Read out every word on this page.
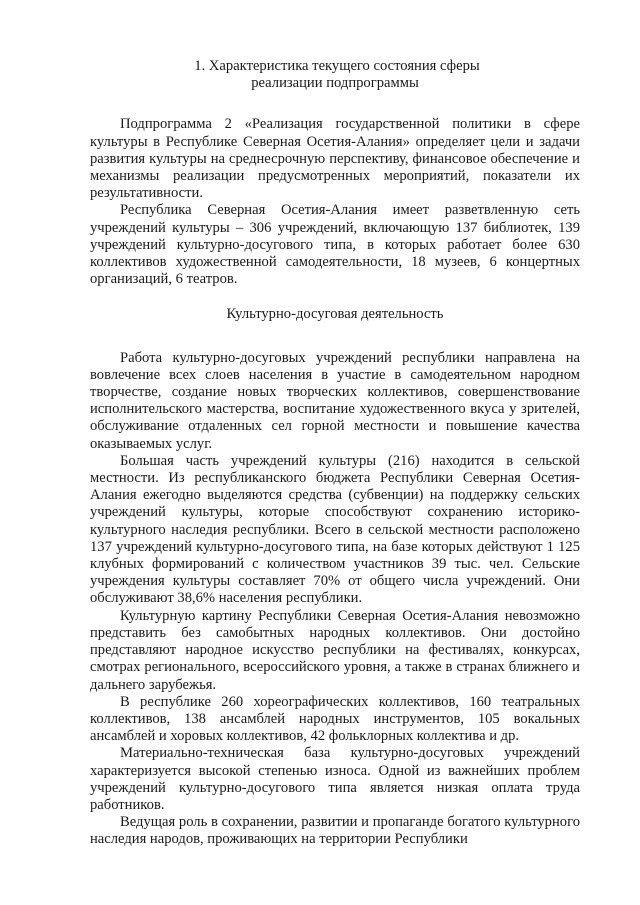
1. Характеристика текущего состояния сферы
реализации подпрограммы

Подпрограмма 2 «Реализация государственной политики в сфере культуры в Республике Северная Осетия-Алания» определяет цели и задачи развития культуры на среднесрочную перспективу, финансовое обеспечение и механизмы реализации предусмотренных мероприятий, показатели их результативности.

Республика Северная Осетия-Алания имеет разветвленную сеть учреждений культуры – 306 учреждений, включающую 137 библиотек, 139 учреждений культурно-досугового типа, в которых работает более 630 коллективов художественной самодеятельности, 18 музеев, 6 концертных организаций, 6 театров.

Культурно-досуговая деятельность

Работа культурно-досуговых учреждений республики направлена на вовлечение всех слоев населения в участие в самодеятельном народном творчестве, создание новых творческих коллективов, совершенствование исполнительского мастерства, воспитание художественного вкуса у зрителей, обслуживание отдаленных сел горной местности и повышение качества оказываемых услуг.

Большая часть учреждений культуры (216) находится в сельской местности. Из республиканского бюджета Республики Северная Осетия-Алания ежегодно выделяются средства (субвенции) на поддержку сельских учреждений культуры, которые способствуют сохранению историко-культурного наследия республики. Всего в сельской местности расположено 137 учреждений культурно-досугового типа, на базе которых действуют 1 125 клубных формирований с количеством участников 39 тыс. чел. Сельские учреждения культуры составляет 70% от общего числа учреждений. Они обслуживают 38,6% населения республики.

Культурную картину Республики Северная Осетия-Алания невозможно представить без самобытных народных коллективов. Они достойно представляют народное искусство республики на фестивалях, конкурсах, смотрах регионального, всероссийского уровня, а также в странах ближнего и дальнего зарубежья.

В республике 260 хореографических коллективов, 160 театральных коллективов, 138 ансамблей народных инструментов, 105 вокальных ансамблей и хоровых коллективов, 42 фольклорных коллектива и др.

Материально-техническая база культурно-досуговых учреждений характеризуется высокой степенью износа. Одной из важнейших проблем учреждений культурно-досугового типа является низкая оплата труда работников.

Ведущая роль в сохранении, развитии и пропаганде богатого культурного наследия народов, проживающих на территории Республики
